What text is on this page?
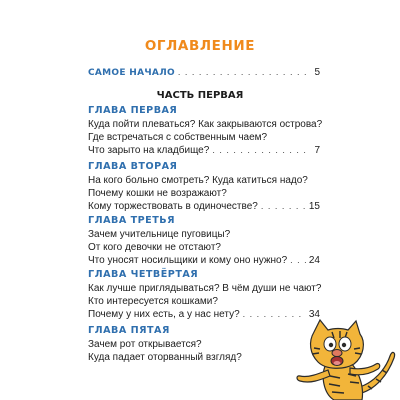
ОГЛАВЛЕНИЕ
САМОЕ НАЧАЛО . . .	5
ЧАСТЬ ПЕРВАЯ
ГЛАВА ПЕРВАЯ
Куда пойти плеваться? Как закрываются острова?
Где встречаться с собственным чаем?
Что зарыто на кладбище? . . .	7
ГЛАВА ВТОРАЯ
На кого больно смотреть? Куда катиться надо?
Почему кошки не возражают?
Кому торжествовать в одиночестве? . . .	15
ГЛАВА ТРЕТЬЯ
Зачем учительнице пуговицы?
От кого девочки не отстают?
Что уносят носильщики и кому оно нужно? . . . 24
ГЛАВА ЧЕТВЁРТАЯ
Как лучше приглядываться? В чём души не чают?
Кто интересуется кошками?
Почему у них есть, а у нас нету? . . .	34
ГЛАВА ПЯТАЯ
Зачем рот открывается?
Куда падает оторванный взгляд?
